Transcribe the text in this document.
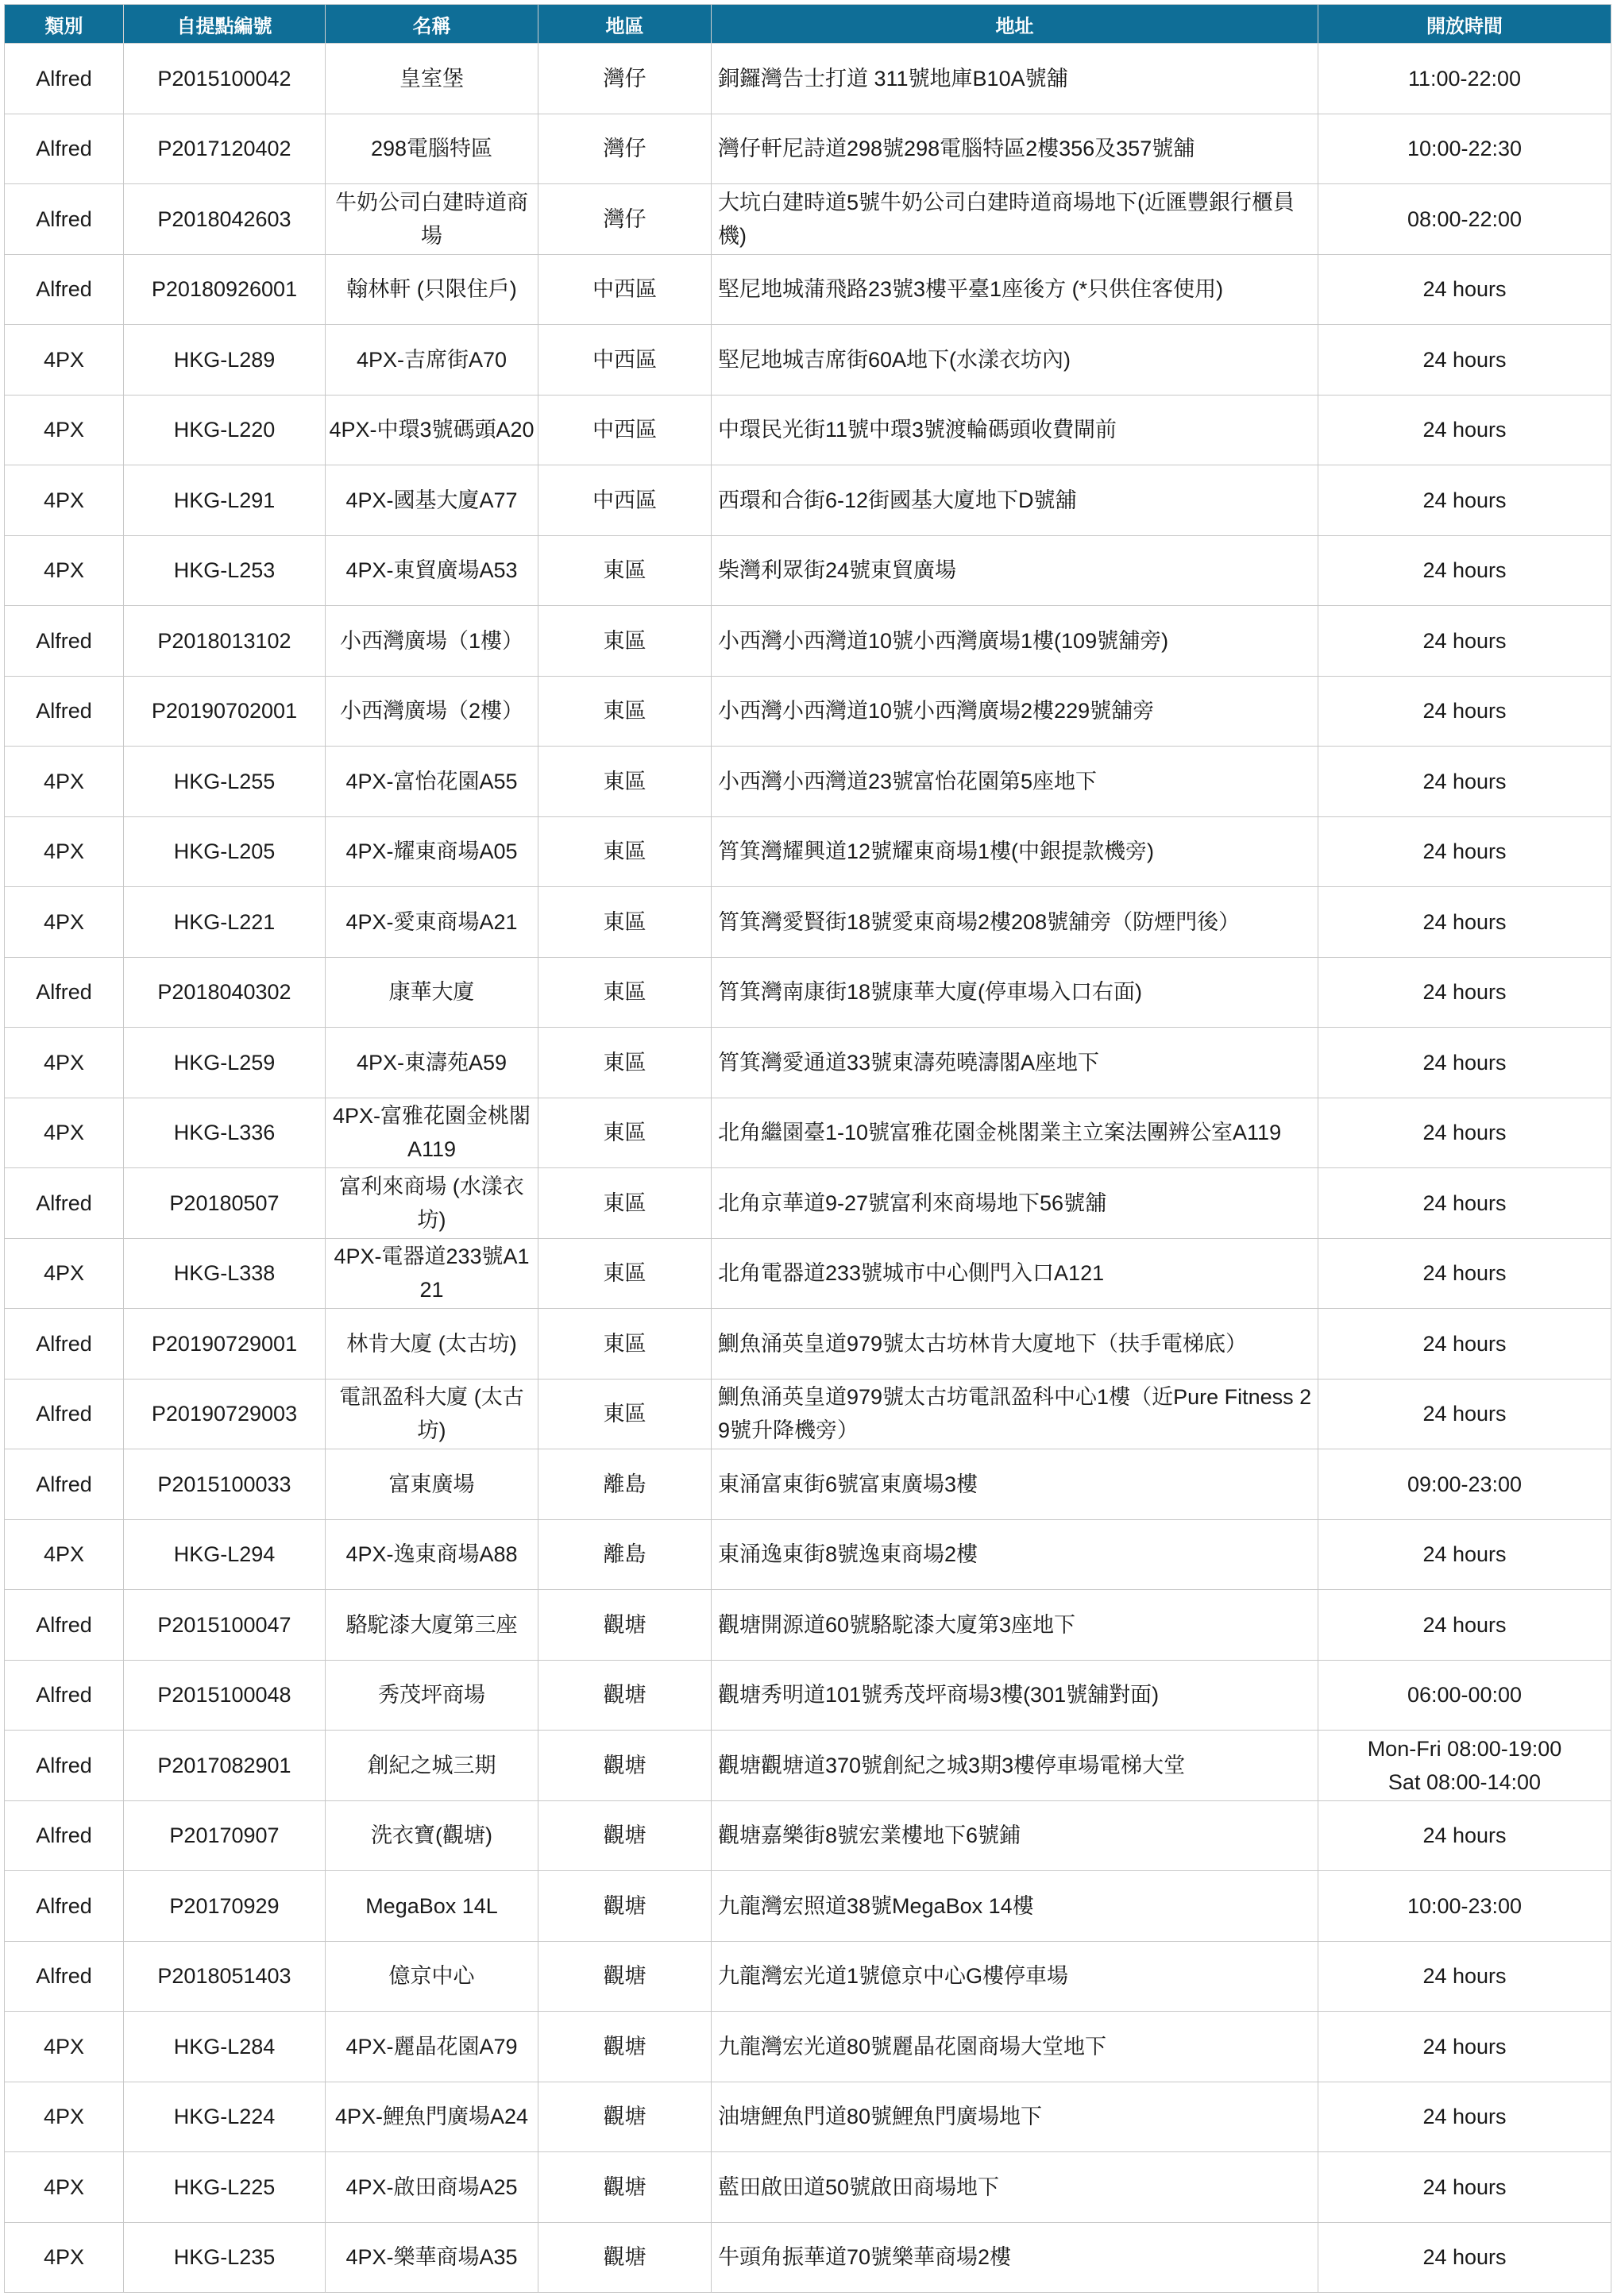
類別	自提點編號	名稱	地區	地址	開放時間
Alfred	P2015100042	皇室堡	灣仔	銅鑼灣告士打道 311號地庫B10A號舖	11:00-22:00
Alfred	P2017120402	298電腦特區	灣仔	灣仔軒尼詩道298號298電腦特區2樓356及357號舖	10:00-22:30
Alfred	P2018042603	牛奶公司白建時道商場	灣仔	大坑白建時道5號牛奶公司白建時道商場地下(近匯豐銀行櫃員機)	08:00-22:00
Alfred	P20180926001	翰林軒 (只限住戶)	中西區	堅尼地城蒲飛路23號3樓平臺1座後方 (*只供住客使用)	24 hours
4PX	HKG-L289	4PX-吉席街A70	中西區	堅尼地城吉席街60A地下(水漾衣坊內)	24 hours
4PX	HKG-L220	4PX-中環3號碼頭A20	中西區	中環民光街11號中環3號渡輪碼頭收費閘前	24 hours
4PX	HKG-L291	4PX-國基大廈A77	中西區	西環和合街6-12街國基大廈地下D號舖	24 hours
4PX	HKG-L253	4PX-東貿廣場A53	東區	柴灣利眾街24號東貿廣場	24 hours
Alfred	P2018013102	小西灣廣場（1樓）	東區	小西灣小西灣道10號小西灣廣場1樓(109號舖旁)	24 hours
Alfred	P20190702001	小西灣廣場（2樓）	東區	小西灣小西灣道10號小西灣廣場2樓229號舖旁	24 hours
4PX	HKG-L255	4PX-富怡花園A55	東區	小西灣小西灣道23號富怡花園第5座地下	24 hours
4PX	HKG-L205	4PX-耀東商場A05	東區	筲箕灣耀興道12號耀東商場1樓(中銀提款機旁)	24 hours
4PX	HKG-L221	4PX-愛東商場A21	東區	筲箕灣愛賢街18號愛東商場2樓208號舖旁（防煙門後）	24 hours
Alfred	P2018040302	康華大廈	東區	筲箕灣南康街18號康華大廈(停車場入口右面)	24 hours
4PX	HKG-L259	4PX-東濤苑A59	東區	筲箕灣愛通道33號東濤苑曉濤閣A座地下	24 hours
4PX	HKG-L336	4PX-富雅花園金桃閣A119	東區	北角繼園臺1-10號富雅花園金桃閣業主立案法團辨公室A119	24 hours
Alfred	P20180507	富利來商場 (水漾衣坊)	東區	北角京華道9-27號富利來商場地下56號舖	24 hours
4PX	HKG-L338	4PX-電器道233號A121	東區	北角電器道233號城市中心側門入口A121	24 hours
Alfred	P20190729001	林肯大廈 (太古坊)	東區	鰂魚涌英皇道979號太古坊林肯大廈地下（扶手電梯底）	24 hours
Alfred	P20190729003	電訊盈科大廈 (太古坊)	東區	鰂魚涌英皇道979號太古坊電訊盈科中心1樓（近Pure Fitness 29號升降機旁）	24 hours
Alfred	P2015100033	富東廣場	離島	東涌富東街6號富東廣場3樓	09:00-23:00
4PX	HKG-L294	4PX-逸東商場A88	離島	東涌逸東街8號逸東商場2樓	24 hours
Alfred	P2015100047	駱駝漆大廈第三座	觀塘	觀塘開源道60號駱駝漆大廈第3座地下	24 hours
Alfred	P2015100048	秀茂坪商場	觀塘	觀塘秀明道101號秀茂坪商場3樓(301號舖對面)	06:00-00:00
Alfred	P2017082901	創紀之城三期	觀塘	觀塘觀塘道370號創紀之城3期3樓停車場電梯大堂	Mon-Fri 08:00-19:00
Sat 08:00-14:00
Alfred	P20170907	洗衣寶(觀塘)	觀塘	觀塘嘉樂街8號宏業樓地下6號鋪	24 hours
Alfred	P20170929	MegaBox 14L	觀塘	九龍灣宏照道38號MegaBox 14樓	10:00-23:00
Alfred	P2018051403	億京中心	觀塘	九龍灣宏光道1號億京中心G樓停車場	24 hours
4PX	HKG-L284	4PX-麗晶花園A79	觀塘	九龍灣宏光道80號麗晶花園商場大堂地下	24 hours
4PX	HKG-L224	4PX-鯉魚門廣場A24	觀塘	油塘鯉魚門道80號鯉魚門廣場地下	24 hours
4PX	HKG-L225	4PX-啟田商場A25	觀塘	藍田啟田道50號啟田商場地下	24 hours
4PX	HKG-L235	4PX-樂華商場A35	觀塘	牛頭角振華道70號樂華商場2樓	24 hours
